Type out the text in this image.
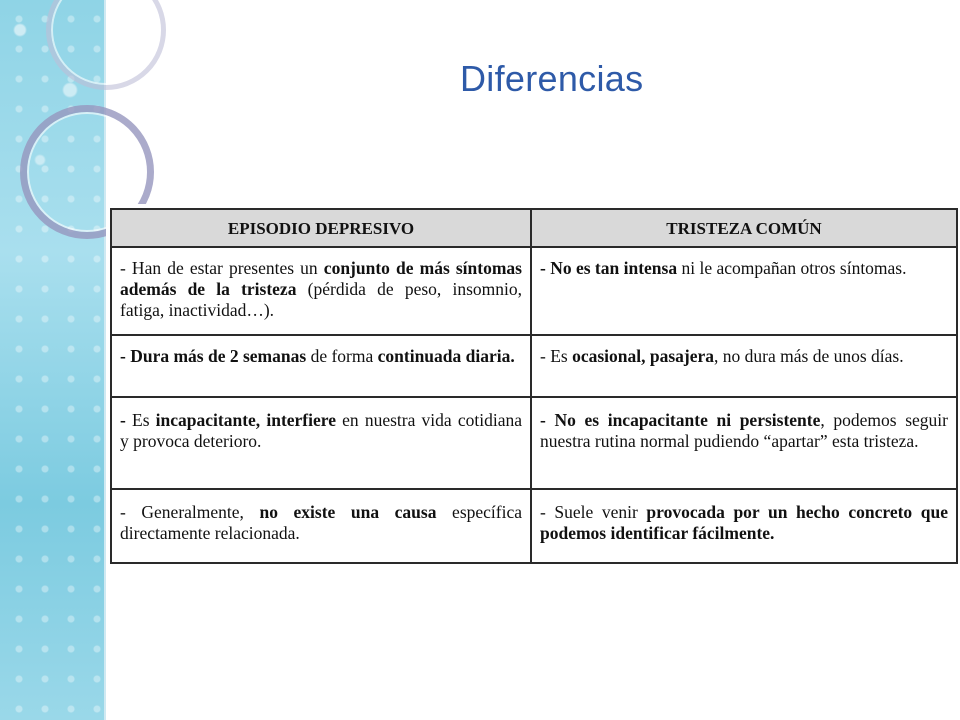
Diferencias
EPISODIO DEPRESIVO	TRISTEZA COMÚN
- Han de estar presentes un conjunto de más síntomas además de la tristeza (pérdida de peso, insomnio, fatiga, inactividad…).	- No es tan intensa ni le acompañan otros síntomas.
- Dura más de 2 semanas de forma continuada diaria.	- Es ocasional, pasajera, no dura más de unos días.
- Es incapacitante, interfiere en nuestra vida cotidiana y provoca deterioro.	- No es incapacitante ni persistente, podemos seguir nuestra rutina normal pudiendo “apartar” esta tristeza.
- Generalmente, no existe una causa específica directamente relacionada.	- Suele venir provocada por un hecho concreto que podemos identificar fácilmente.
